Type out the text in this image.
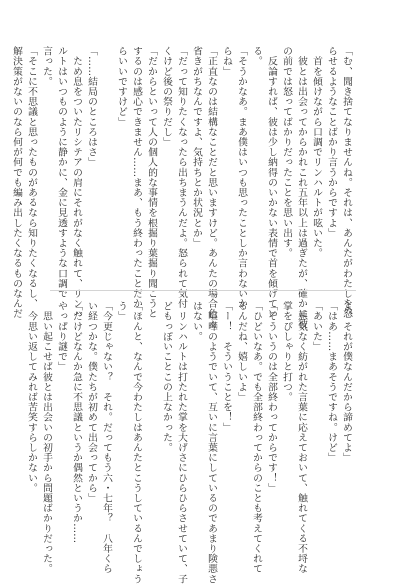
「む、聞き捨てなりませんね。それは、あんたがわたしを怒
らせるようなことばかり言うからですよ」
　首を傾けながら口調でリンハルトが呟いた。
　彼とは出会ってからかれこれ五年以上は過ぎたが、確かに彼
の前では怒ってばかりだったことを思い出す。
　反論すれば、彼は少し納得のいかない表情で首を傾げてい
る。
「そうかなあ。まあ僕はいつも思ったことしか言わないか
らね」
「正直なのは結構なことだと思いますけど。あんたの場合色々
省きがちなんですよ、気持ちとか状況とか」
「だって知りたくなったら出ちまうんだよ。怒られて気付
くけど後の祭りだし」
「だからといって人の個人的な事情を根掘り葉掘り聞こうと
するのは感心できません……まあ、もう終わったことだか
らいいですけど」
「……結局のところはさ」
　ため息をついたリシテアの肩にそれがなく触れて、リンハ
ルトはいつものように静かに、金に見透すような口調で
言った。
「そこに不思議と思ったものがあるなら知りたくなるし、
解決策がないのなら何が何でも編み出したくなるものなんだ
よ。それが僕なんだから諦めてよ」
「はあ……まあそうですね。けど」
「あいた」
　悪気なく紡がれた言葉に応えておいて、触れてくる不埒な
掌をぴしゃりと打つ。
「そういうのは全部終わってからです！」
「ひどいなあ。でも全部終わってからのことも考えてくれて
るんだね、嬉しいよ」
「ー！　そういうことを！」
　喧嘩のようでいて、互いに言葉にしているのであまり険悪さ
はない。
　リンハルトは打たれた掌を大げさにひらひらさせていて、子
どもっぽいことこの上なかった。
「ほんと、なんで今わたしはあんたとこうしているんでしょう
う」
「今更じゃない？　それ。だってもう六・七年？　八年くら
い経つかな。僕たちが初めて出会ってから」
「だけどなんか急に不思議というか偶然というか……
やっぱり謎で」
　思い起こせば彼とは出会いの初手から問題ばかりだった。
　今思い返してみれば苦笑すらしかない。
